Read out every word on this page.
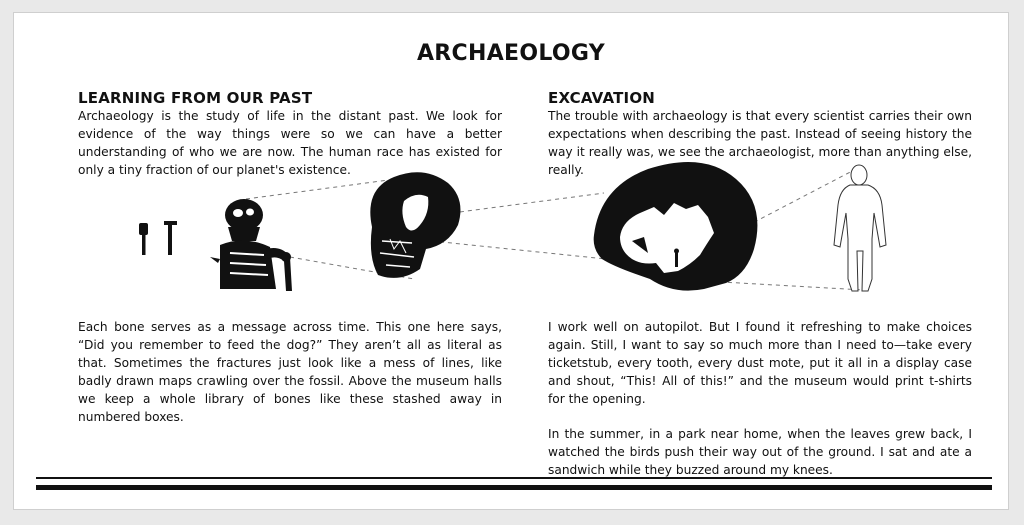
ARCHAEOLOGY
LEARNING FROM OUR PAST

Archaeology is the study of life in the distant past. We look for evidence of the way things were so we can have a better understanding of who we are now. The human race has existed for only a tiny fraction of our planet's existence.

Each bone serves as a message across time. This one here says, “Did you remember to feed the dog?” They aren’t all as literal as that. Sometimes the fractures just look like a mess of lines, like badly drawn maps crawling over the fossil. Above the museum halls we keep a whole library of bones like these stashed away in numbered boxes.

EXCAVATION

The trouble with archaeology is that every scientist carries their own expectations when describing the past. Instead of seeing history the way it really was, we see the archaeologist, more than anything else, really.

I work well on autopilot. But I found it refreshing to make choices again. Still, I want to say so much more than I need to—take every ticketstub, every tooth, every dust mote, put it all in a display case and shout, “This! All of this!” and the museum would print t-shirts for the opening.

In the summer, in a park near home, when the leaves grew back, I watched the birds push their way out of the ground. I sat and ate a sandwich while they buzzed around my knees.
